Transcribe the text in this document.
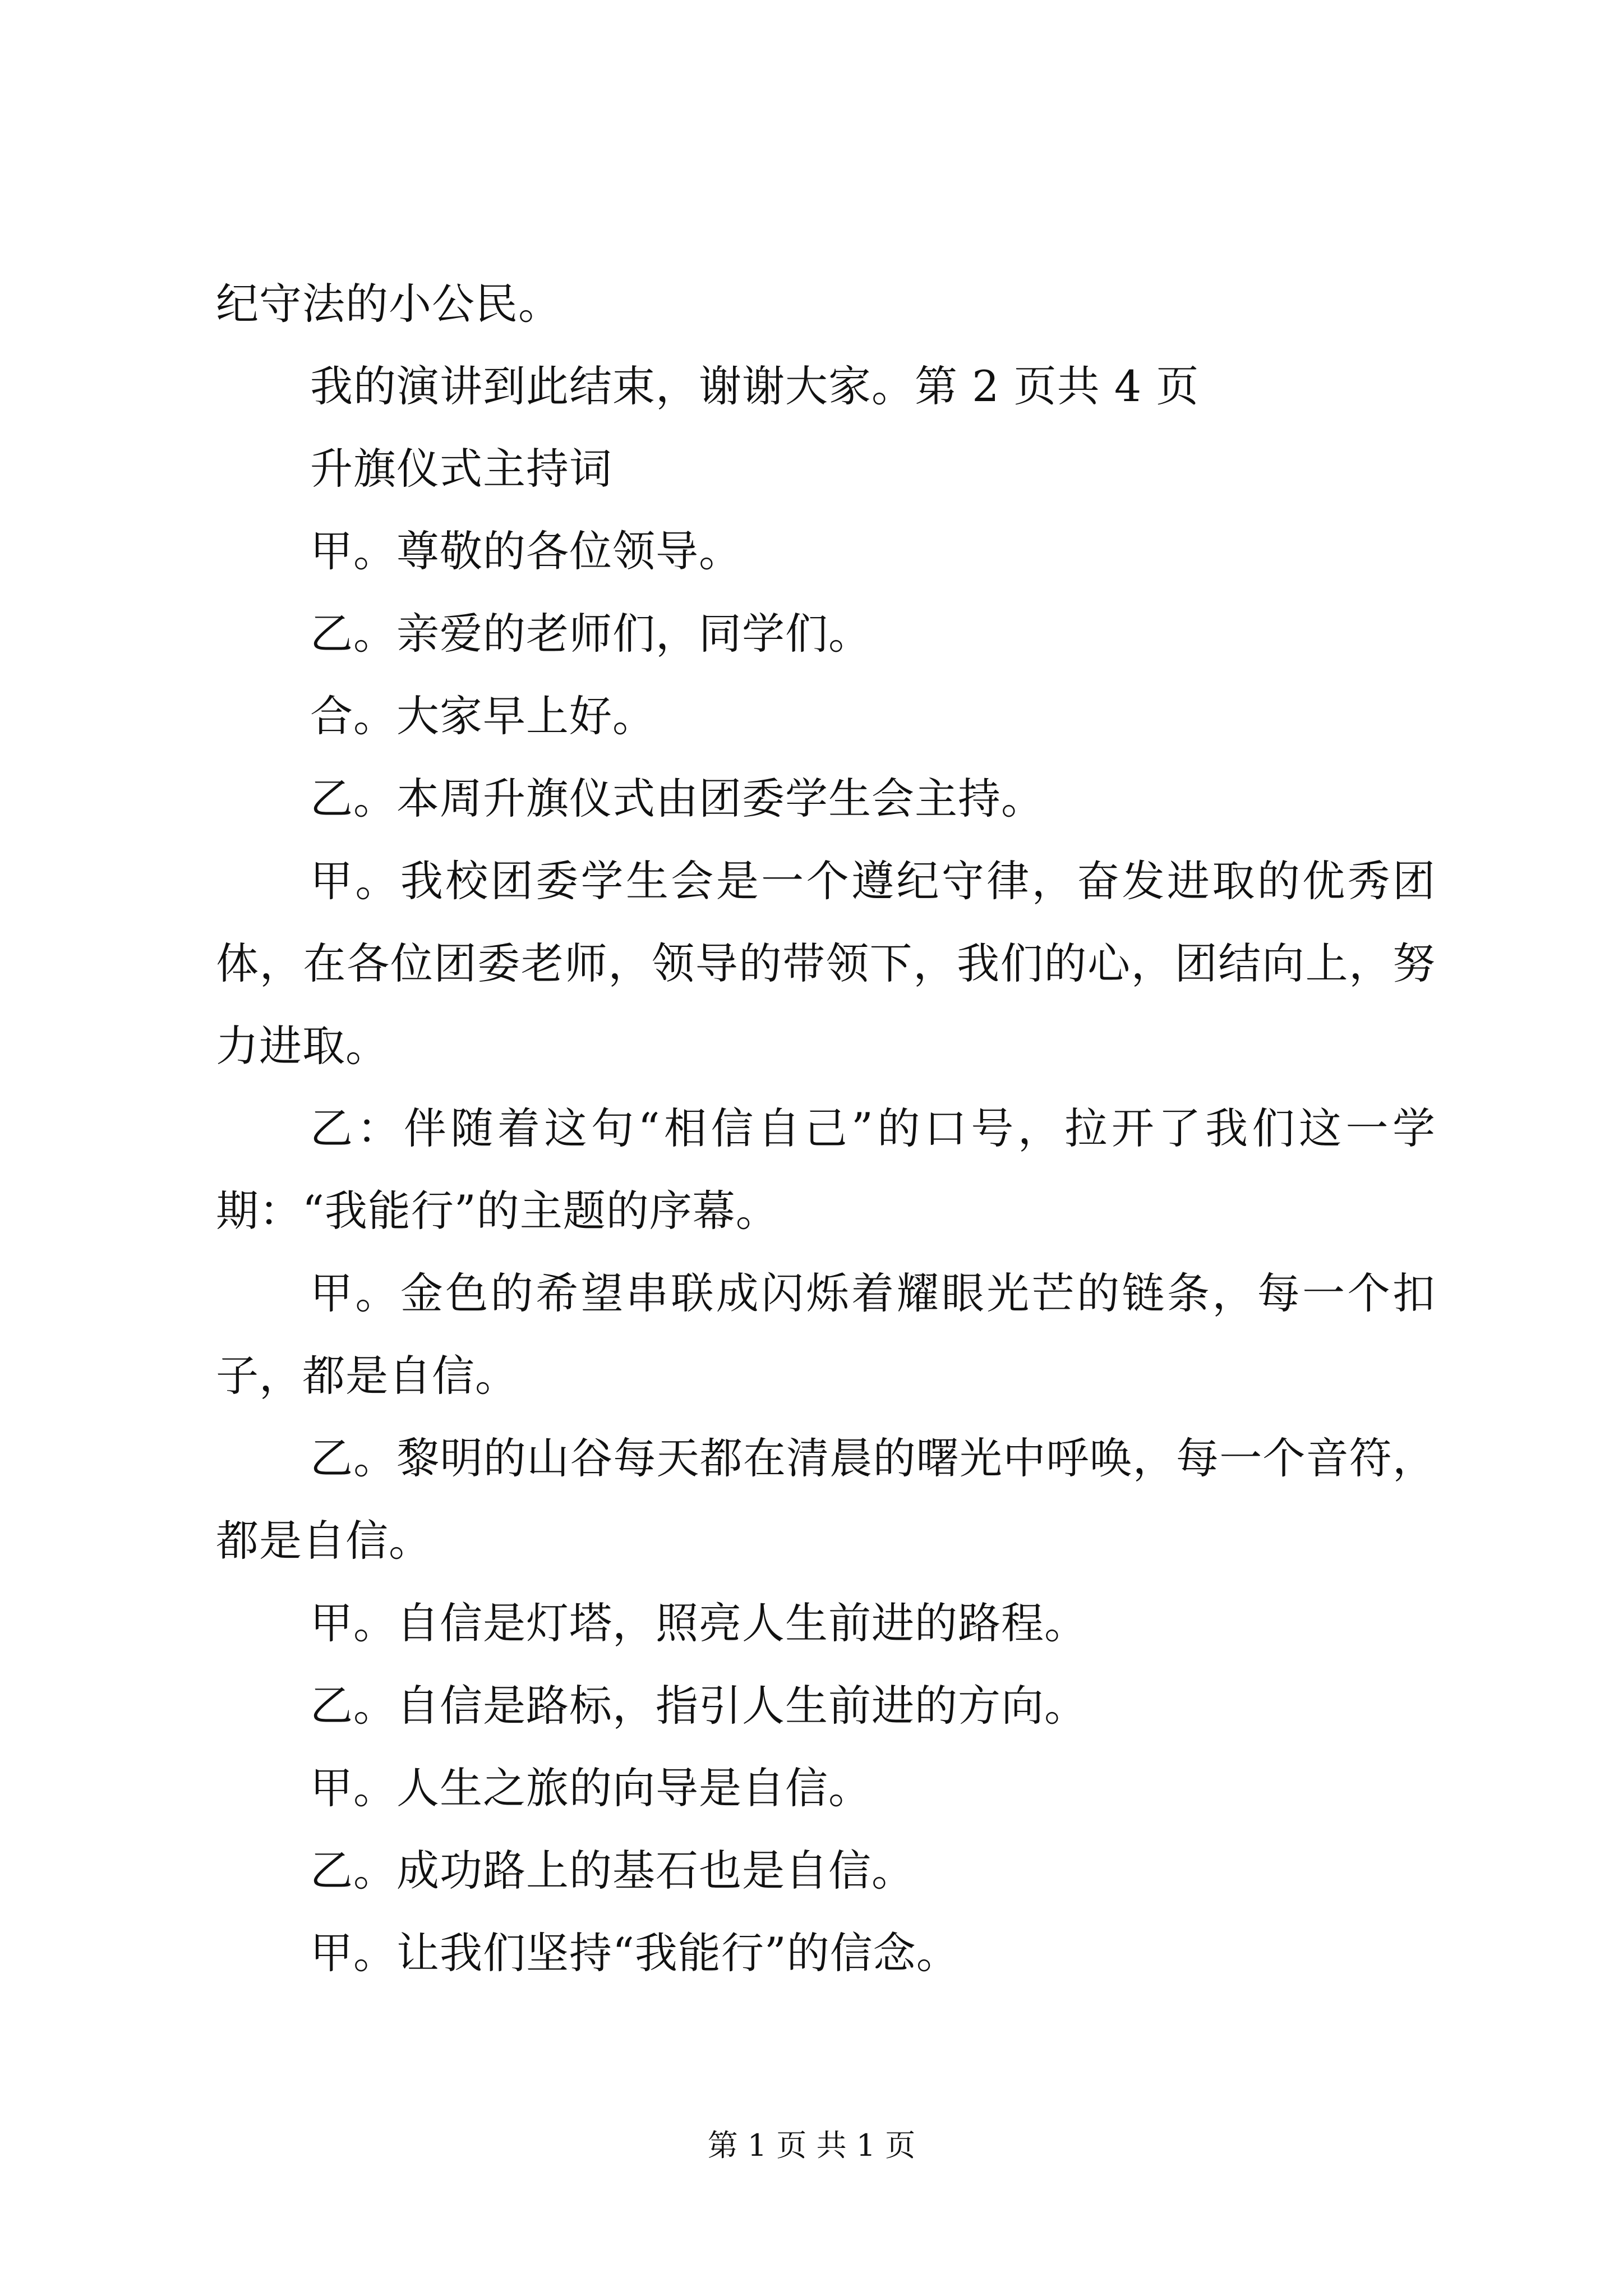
纪守法的小公民。

我的演讲到此结束，谢谢大家。第 2 页共 4 页

升旗仪式主持词

甲。尊敬的各位领导。

乙。亲爱的老师们，同学们。

合。大家早上好。

乙。本周升旗仪式由团委学生会主持。

甲。我校团委学生会是一个遵纪守律，奋发进取的优秀团体，在各位团委老师，领导的带领下，我们的心，团结向上，努力进取。

乙：伴随着这句“相信自己”的口号，拉开了我们这一学期：“我能行”的主题的序幕。

甲。金色的希望串联成闪烁着耀眼光芒的链条，每一个扣子，都是自信。

乙。黎明的山谷每天都在清晨的曙光中呼唤，每一个音符，都是自信。

甲。自信是灯塔，照亮人生前进的路程。

乙。自信是路标，指引人生前进的方向。

甲。人生之旅的向导是自信。

乙。成功路上的基石也是自信。

甲。让我们坚持“我能行”的信念。

第 1 页 共 1 页
